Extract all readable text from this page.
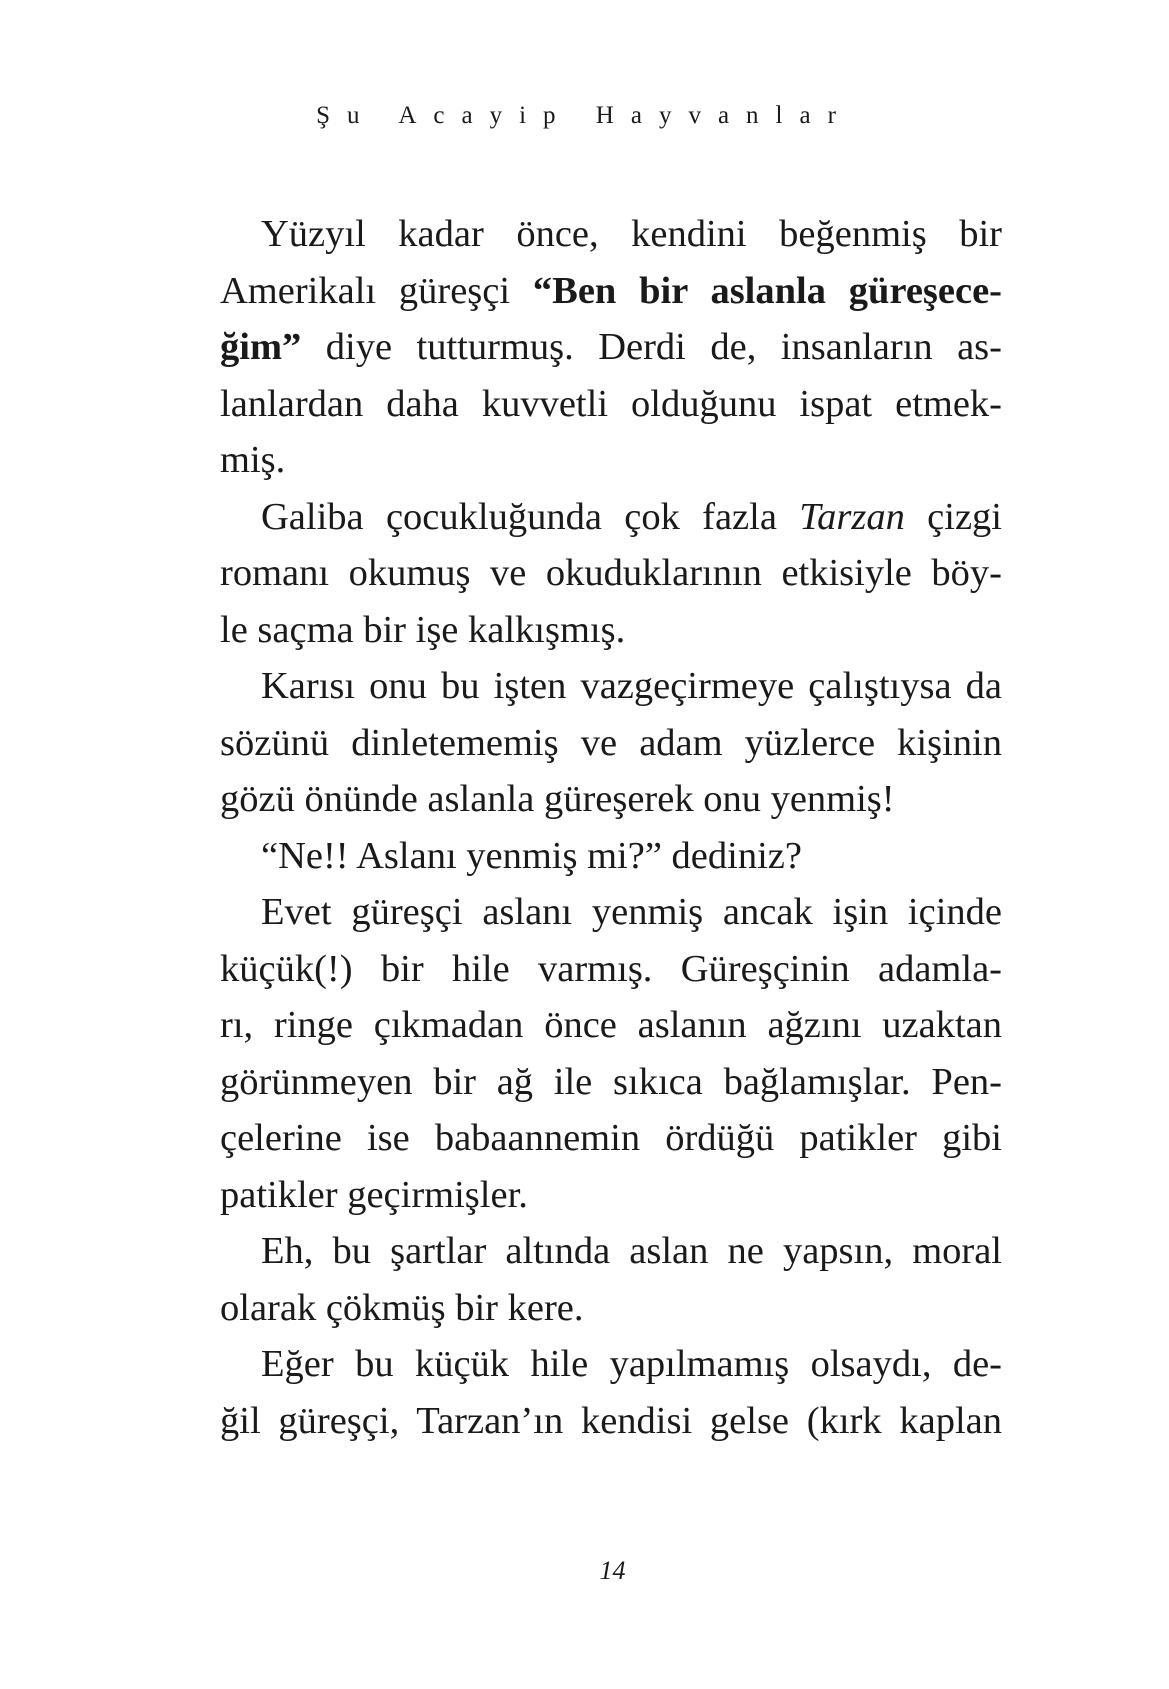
Şu Acayip Hayvanlar
Yüzyıl kadar önce, kendini beğenmiş bir
Amerikalı güreşçi “Ben bir aslanla güreşece-
ğim” diye tutturmuş. Derdi de, insanların as-
lanlardan daha kuvvetli olduğunu ispat etmek-
miş.
Galiba çocukluğunda çok fazla Tarzan çizgi
romanı okumuş ve okuduklarının etkisiyle böy-
le saçma bir işe kalkışmış.
Karısı onu bu işten vazgeçirmeye çalıştıysa da
sözünü dinletememiş ve adam yüzlerce kişinin
gözü önünde aslanla güreşerek onu yenmiş!
“Ne!! Aslanı yenmiş mi?” dediniz?
Evet güreşçi aslanı yenmiş ancak işin içinde
küçük(!) bir hile varmış. Güreşçinin adamla-
rı, ringe çıkmadan önce aslanın ağzını uzaktan
görünmeyen bir ağ ile sıkıca bağlamışlar. Pen-
çelerine ise babaannemin ördüğü patikler gibi
patikler geçirmişler.
Eh, bu şartlar altında aslan ne yapsın, moral
olarak çökmüş bir kere.
Eğer bu küçük hile yapılmamış olsaydı, de-
ğil güreşçi, Tarzan’ın kendisi gelse (kırk kaplan
14
